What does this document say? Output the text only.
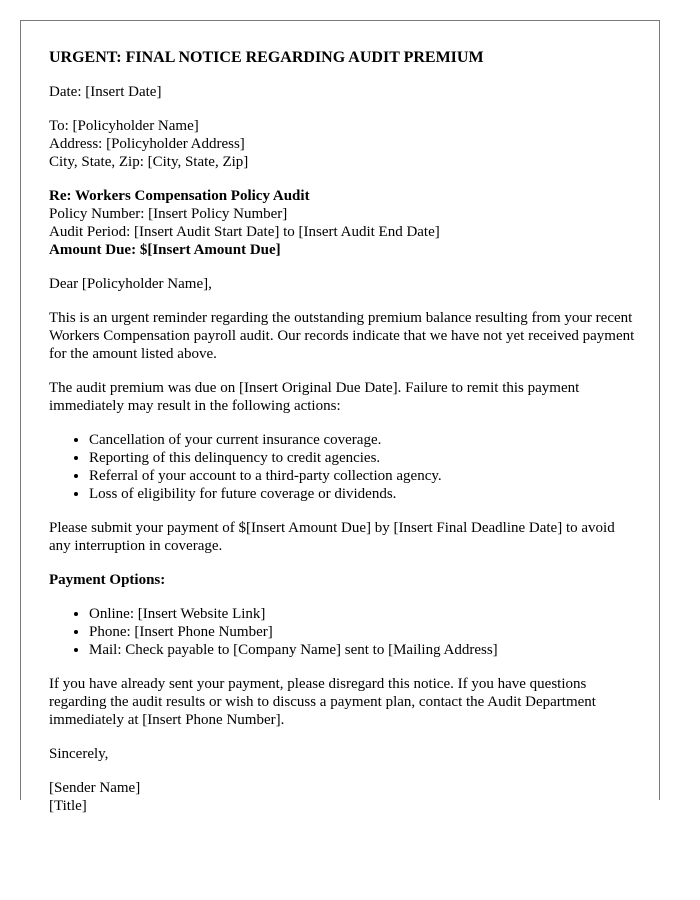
URGENT: FINAL NOTICE REGARDING AUDIT PREMIUM

Date: [Insert Date]

To: [Policyholder Name]
Address: [Policyholder Address]
City, State, Zip: [City, State, Zip]

Re: Workers Compensation Policy Audit
Policy Number: [Insert Policy Number]
Audit Period: [Insert Audit Start Date] to [Insert Audit End Date]
Amount Due: $[Insert Amount Due]

Dear [Policyholder Name],

This is an urgent reminder regarding the outstanding premium balance resulting from your recent Workers Compensation payroll audit. Our records indicate that we have not yet received payment for the amount listed above.

The audit premium was due on [Insert Original Due Date]. Failure to remit this payment immediately may result in the following actions:

• Cancellation of your current insurance coverage.
• Reporting of this delinquency to credit agencies.
• Referral of your account to a third-party collection agency.
• Loss of eligibility for future coverage or dividends.

Please submit your payment of $[Insert Amount Due] by [Insert Final Deadline Date] to avoid any interruption in coverage.

Payment Options:

• Online: [Insert Website Link]
• Phone: [Insert Phone Number]
• Mail: Check payable to [Company Name] sent to [Mailing Address]

If you have already sent your payment, please disregard this notice. If you have questions regarding the audit results or wish to discuss a payment plan, contact the Audit Department immediately at [Insert Phone Number].

Sincerely,

[Sender Name]
[Title]
